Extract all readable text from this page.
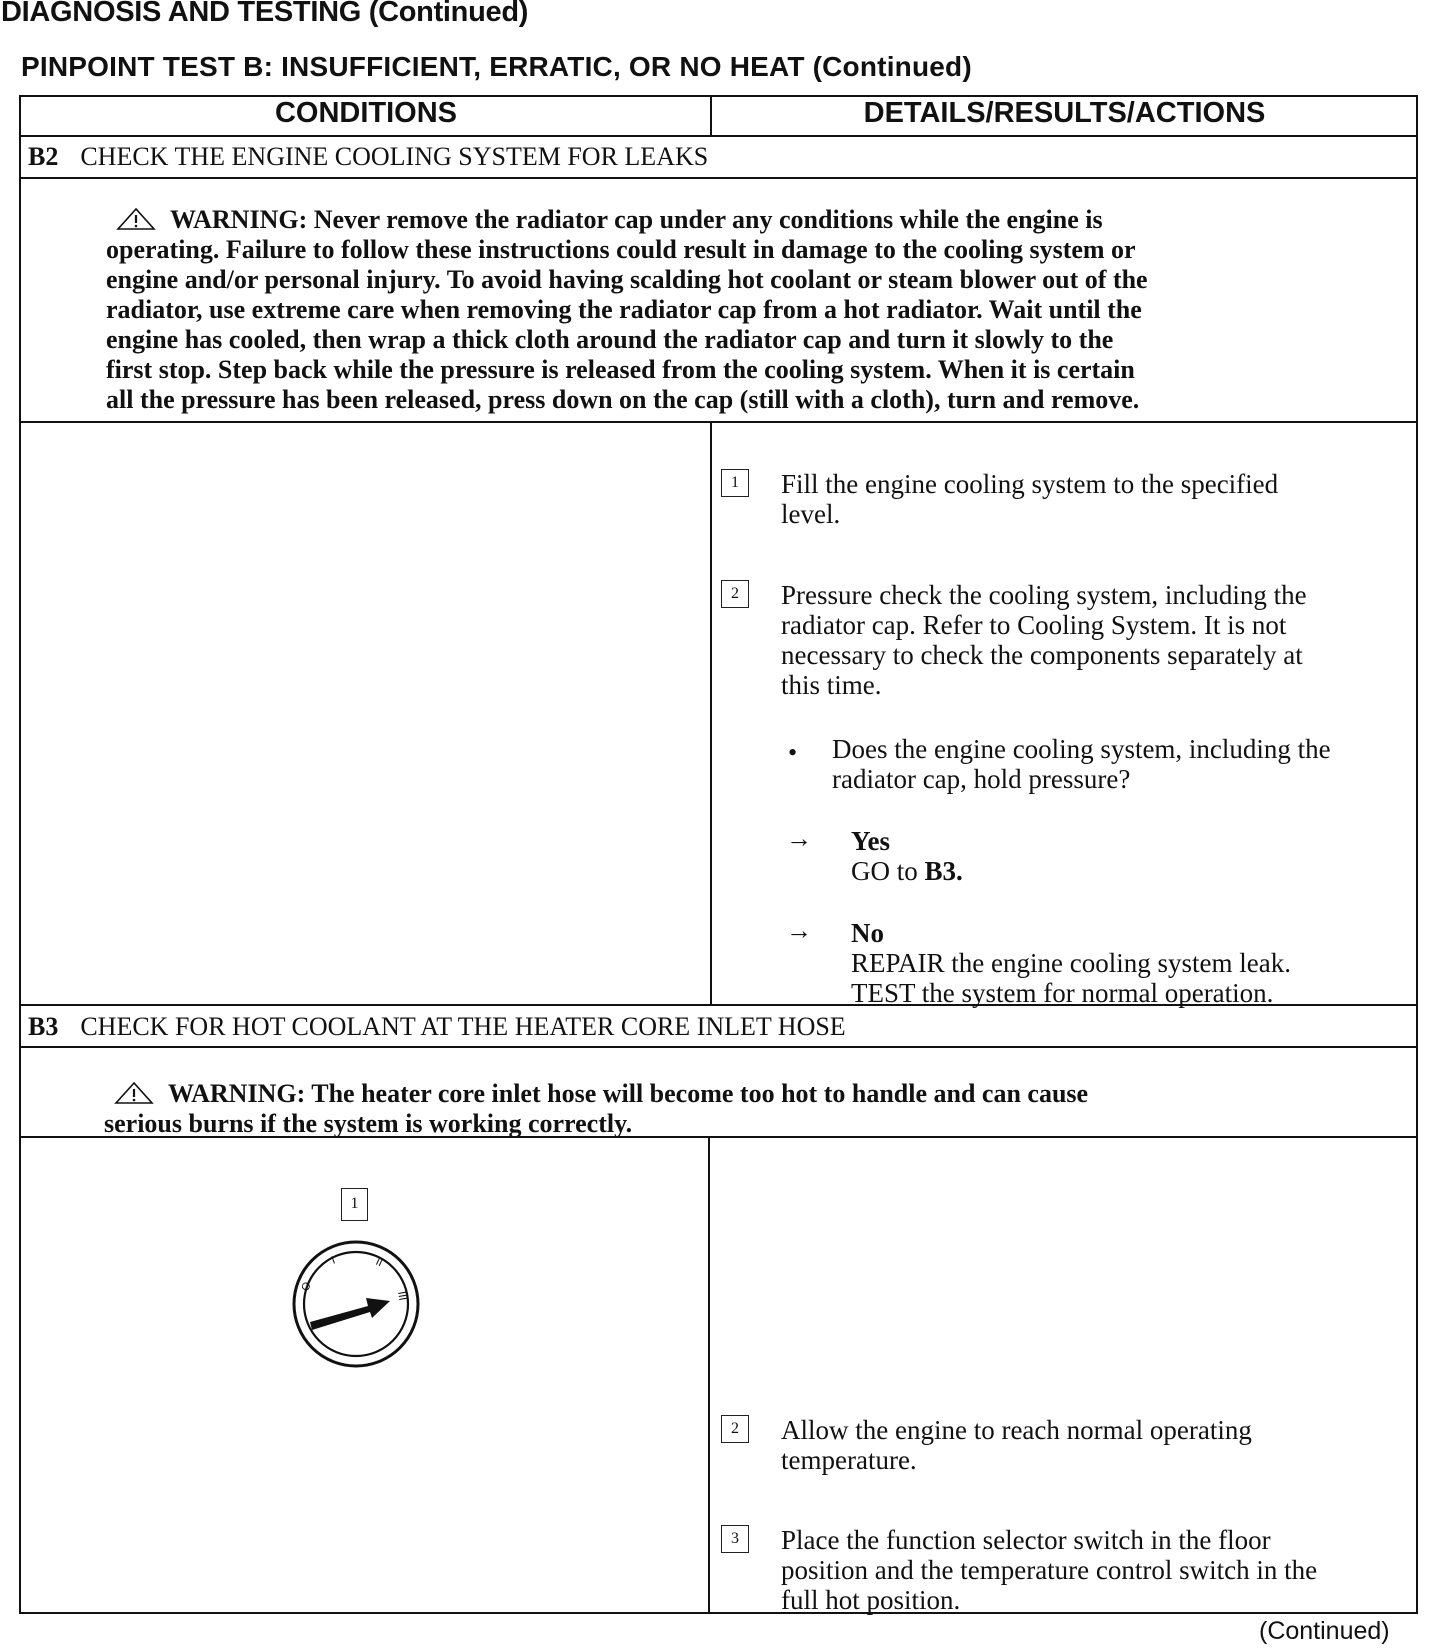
DIAGNOSIS AND TESTING (Continued)
PINPOINT TEST B: INSUFFICIENT, ERRATIC, OR NO HEAT (Continued)
CONDITIONS	DETAILS/RESULTS/ACTIONS
B2 CHECK THE ENGINE COOLING SYSTEM FOR LEAKS
WARNING: Never remove the radiator cap under any conditions while the engine is
operating. Failure to follow these instructions could result in damage to the cooling system or
engine and/or personal injury. To avoid having scalding hot coolant or steam blower out of the
radiator, use extreme care when removing the radiator cap from a hot radiator. Wait until the
engine has cooled, then wrap a thick cloth around the radiator cap and turn it slowly to the
first stop. Step back while the pressure is released from the cooling system. When it is certain
all the pressure has been released, press down on the cap (still with a cloth), turn and remove.
1	Fill the engine cooling system to the specified
level.
2	Pressure check the cooling system, including the
radiator cap. Refer to Cooling System. It is not
necessary to check the components separately at
this time.
• Does the engine cooling system, including the
radiator cap, hold pressure?
→ Yes
GO to B3.
→ No
REPAIR the engine cooling system leak.
TEST the system for normal operation.
B3 CHECK FOR HOT COOLANT AT THE HEATER CORE INLET HOSE
WARNING: The heater core inlet hose will become too hot to handle and can cause
serious burns if the system is working correctly.
1
O
I	II
III
2	Allow the engine to reach normal operating
temperature.
3	Place the function selector switch in the floor
position and the temperature control switch in the
full hot position.
(Continued)
